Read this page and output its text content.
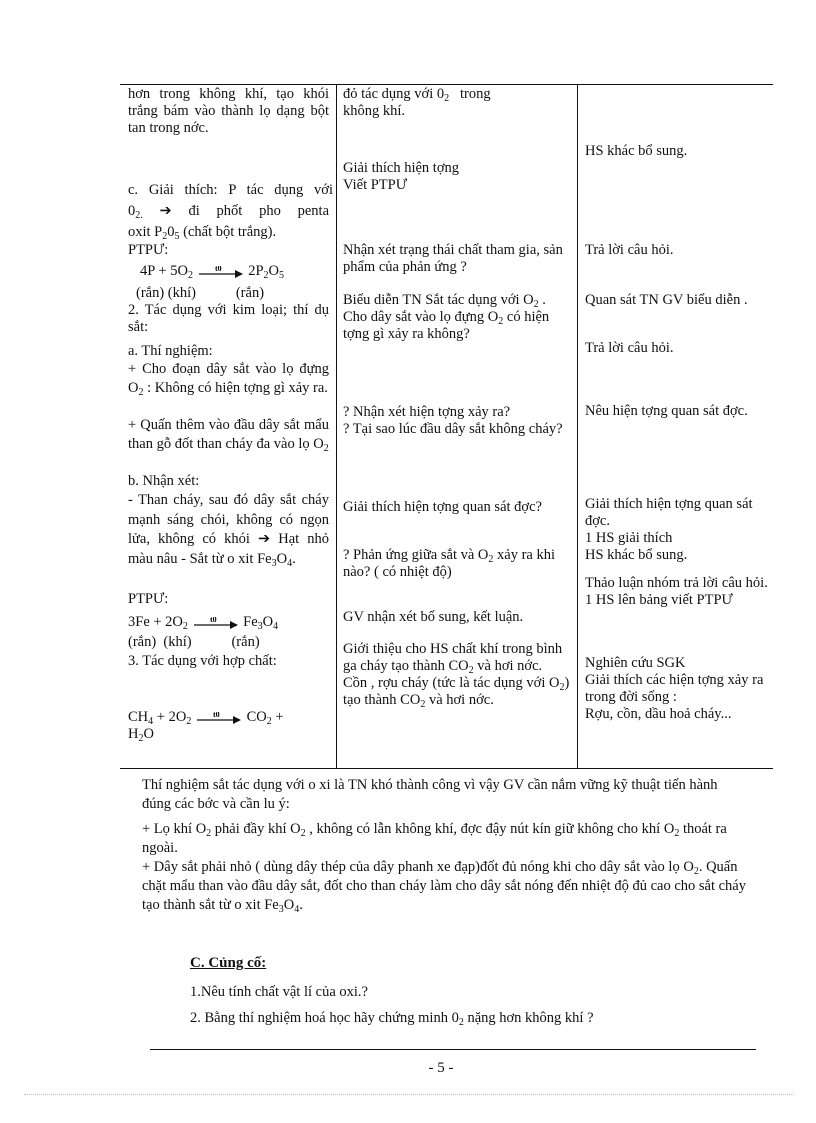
hơn trong không khí, tạo khói trắng bám vào thành lọ dạng bột tan trong nớc.
c. Giải thích: P tác dụng với
$0_{2.}$ ➔ đi phốt pho penta
oxit $P_20_5$ (chất bột trắng).
PTPƯ:
$4P + 5O_2$
t0 $2P_2O_5$
(rắn) (khí)           (rắn)
2. Tác dụng với kim loại; thí dụ sắt:
a. Thí nghiệm:
+ Cho đoạn dây sắt vào lọ đựng $O_2$ : Không có hiện tợng gì xảy ra.
+ Quấn thêm vào đầu dây sắt mẩu than gỗ đốt than cháy đa vào lọ $O_2$
b. Nhận xét:
- Than cháy, sau đó dây sắt cháy mạnh sáng chói, không có ngọn lửa, không có khói ➔ Hạt nhỏ màu nâu - Sắt từ o xit $Fe_3O_4$.
PTPƯ:
$3Fe + 2O_2$
t0 $Fe_3O_4$
(rắn)  (khí)           (rắn)
3. Tác dụng với hợp chất:
$CH_4 + 2O_2$
t0 $CO_2$ +
$H_2O$
đỏ tác dụng với $0_2$   trong
không khí.
Giải thích hiện tợng
Viết PTPƯ
Nhận xét trạng thái chất tham gia, sản phẩm của phản ứng ?
Biểu diễn TN Sắt tác dụng với $O_2$ .
Cho dây sắt vào lọ đựng $O_2$ có hiện tợng gì xảy ra không?
? Nhận xét hiện tợng xảy ra?
? Tại sao lúc đầu dây sắt không cháy?
Giải thích hiện tợng quan sát đợc?
? Phản ứng giữa sắt và $O_2$ xảy ra khi nào? ( có nhiệt độ)
GV nhận xét bổ sung, kết luận.
Giới thiệu cho HS chất khí trong bình ga cháy tạo thành $CO_2$ và hơi nớc.
Cồn , rợu cháy (tức là tác dụng với $O_2$) tạo thành $CO_2$ và hơi nớc.
HS khác bổ sung.
Trả lời câu hỏi.
Quan sát TN GV biểu diễn .
Trả lời câu hỏi.
Nêu hiện tợng quan sát đợc.
Giải thích hiện tợng quan sát đợc.
1 HS giải thích
HS khác bổ sung.
Thảo luận nhóm trả lời câu hỏi.
1 HS lên bảng viết PTPƯ
Nghiên cứu SGK
Giải thích các hiện tợng xảy ra trong đời sống :
Rợu, cồn, dầu hoả cháy...

Thí nghiệm sắt tác dụng với o xi là TN khó thành công vì vậy GV cần nắm vững kỹ thuật tiến hành đúng các bớc và cần lu ý:

+ Lọ khí $O_2$ phải đầy khí $O_2$ , không có lẫn không khí, đợc đậy nút kín giữ không cho khí $O_2$ thoát ra ngoài.

+ Dây sắt phải nhỏ ( dùng dây thép của dây phanh xe đạp)đốt đủ nóng khi cho dây sắt vào lọ $O_2$. Quấn chặt mẩu than vào đầu dây sắt, đốt cho than cháy làm cho dây sắt nóng đến nhiệt độ đủ cao cho sắt cháy tạo thành sắt từ o xit $Fe_3O_4$.

C. Củng cố:
1.Nêu tính chất vật lí của oxi.?
2. Bằng thí nghiệm hoá học hãy chứng minh $0_2$ nặng hơn không khí ?
- 5 -
